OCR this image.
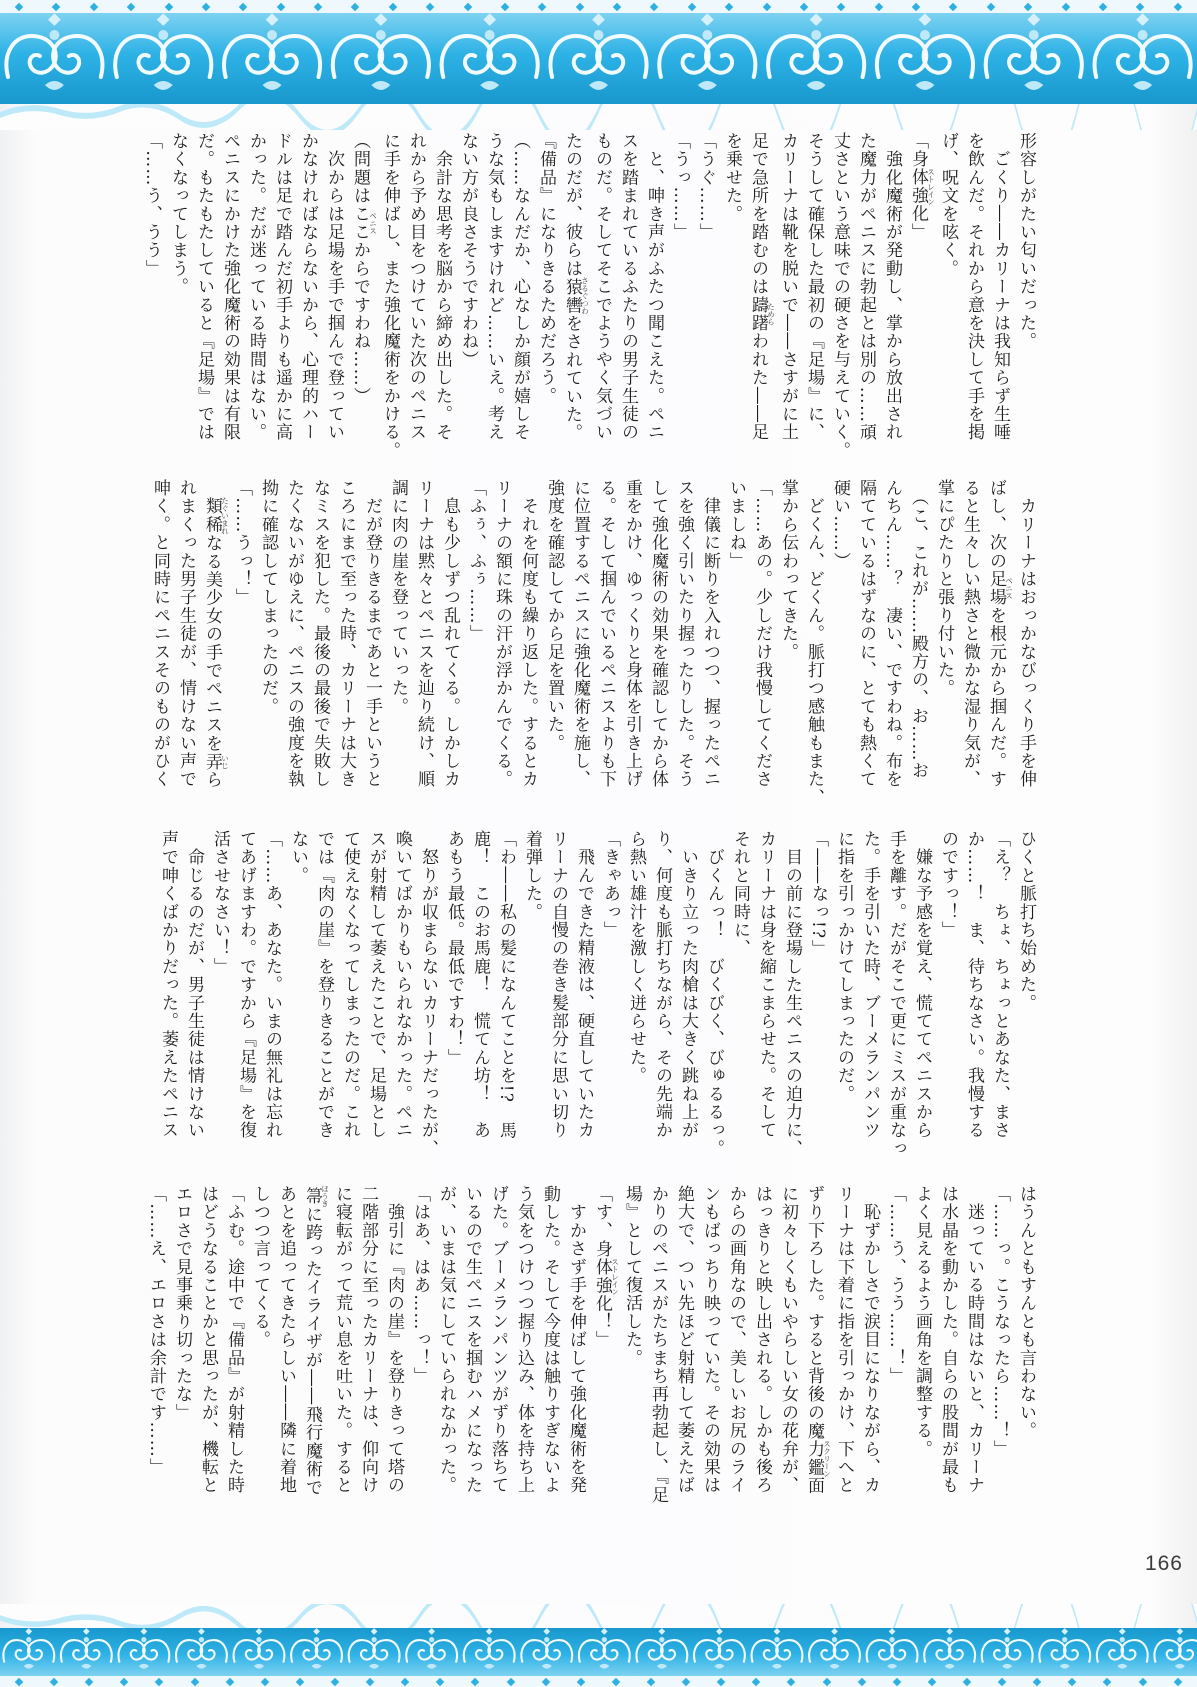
形容しがたい匂いだった。

　ごくり――カリーナは我知らず生唾

を飲んだ。それから意を決して手を掲

げ、呪文を呟く。

「身体強化ストレイン」

　強化魔術が発動し、掌から放出され

た魔力がペニスに勃起とは別の……頑

丈さという意味での硬さを与えていく。

そうして確保した最初の『足場』に、

カリーナは靴を脱いで――さすがに土

足で急所を踏むのは躊躇ためらわれた――足

を乗せた。

「うぐ……」

「うっ……」

　と、呻き声がふたつ聞こえた。ペニ

スを踏まれているふたりの男子生徒の

ものだ。そしてそこでようやく気づい

たのだが、彼らは猿轡さるぐつわをされていた。

『備品』になりきるためだろう。

（……なんだか、心なしか顔が嬉しそ

うな気もしますけれど……いえ。考え

ない方が良さそうですわね）

　余計な思考を脳から締め出した。そ

れから予め目をつけていた次のペニス

に手を伸ばし、また強化魔術をかける。

（問題はここペニスからですわね……）

　次からは足場を手で掴んで登ってい

かなければならないから、心理的ハー

ドルは足で踏んだ初手よりも遥かに高

かった。だが迷っている時間はない。

ペニスにかけた強化魔術の効果は有限

だ。もたもたしていると『足場』では

なくなってしまう。

「……う、うう」

　カリーナはおっかなびっくり手を伸

ばし、次の足場ペニスを根元から掴んだ。す

ると生々しい熱さと微かな湿り気が、

掌にぴたりと張り付いた。

　（こ、これが……殿方の、お……お

んちん……？　凄い、ですわね。布を

隔てているはずなのに、とても熱くて

硬い……）

　どくん、どくん。脈打つ感触もまた、

掌から伝わってきた。

「……あの。少しだけ我慢してくださ

いましね」

　律儀に断りを入れつつ、握ったペニ

スを強く引いたり握ったりした。そう

して強化魔術の効果を確認してから体

重をかけ、ゆっくりと身体を引き上げ

る。そして掴んでいるペニスよりも下

に位置するペニスに強化魔術を施し、

強度を確認してから足を置いた。

　それを何度も繰り返した。するとカ

リーナの額に珠の汗が浮かんでくる。

「ふぅ、ふぅ……」

　息も少しずつ乱れてくる。しかしカ

リーナは黙々とペニスを辿り続け、順

調に肉の崖を登っていった。

　だが登りきるまであと一手というと

ころにまで至った時、カリーナは大き

なミスを犯した。最後の最後で失敗し

たくないがゆえに、ペニスの強度を執

拗に確認してしまったのだ。

「……うっ！」

　類稀たぐいまれなる美少女の手でペニスを弄いじら

れまくった男子生徒が、情けない声で

呻く。と同時にペニスそのものがひく

ひくと脈打ち始めた。

「え？　ちょ、ちょっとあなた、まさ

か……！　ま、待ちなさい。我慢する

のですっ！」

　嫌な予感を覚え、慌ててペニスから

手を離す。だがそこで更にミスが重なっ

た。手を引いた時、ブーメランパンツ

に指を引っかけてしまったのだ。

「――なっ!?」

　目の前に登場した生ペニスの迫力に、

カリーナは身を縮こまらせた。そして

それと同時に、

　びくんっ！　びくびく、びゅるるっ。

　いきり立った肉槍は大きく跳ね上が

り、何度も脈打ちながら、その先端か

ら熱い雄汁を激しく迸らせた。

「きゃあっ」

　飛んできた精液は、硬直していたカ

リーナの自慢の巻き髪部分に思い切り

着弾した。

「わ――私の髪になんてことを!?　馬

鹿！　このお馬鹿！　慌てん坊！　あ

あもう最低。最低ですわ！」

　怒りが収まらないカリーナだったが、

喚いてばかりもいられなかった。ペニ

スが射精して萎えたことで、足場とし

て使えなくなってしまったのだ。これ

では『肉の崖』を登りきることができ

ない。

「……あ、あなた。いまの無礼は忘れ

てあげますわ。ですから『足場』を復

活させなさい！」

　命じるのだが、男子生徒は情けない

声で呻くばかりだった。萎えたペニス

はうんともすんとも言わない。

「……っ。こうなったら……！」

　迷っている時間はないと、カリーナ

は水晶を動かした。自らの股間が最も

よく見えるよう画角を調整する。

「……う、うう……！」

　恥ずかしさで涙目になりながら、カ

リーナは下着に指を引っかけ、下へと

ずり下ろした。すると背後の魔力鑑面スクリーン

に初々しくもいやらしい女の花弁が、

はっきりと映し出される。しかも後ろ

からの画角なので、美しいお尻のライ

ンもばっちり映っていた。その効果は

絶大で、つい先ほど射精して萎えたば

かりのペニスがたちまち再勃起し、『足

場』として復活した。

「す、身体強化ストレイン！」

　すかさず手を伸ばして強化魔術を発

動した。そして今度は触りすぎないよ

う気をつけつつ握り込み、体を持ち上

げた。ブーメランパンツがずり落ちて

いるので生ペニスを掴むハメになった

が、いまは気にしていられなかった。

「はあ、はあ……っ！」

　強引に『肉の崖』を登りきって塔の

二階部分に至ったカリーナは、仰向け

に寝転がって荒い息を吐いた。すると

箒ほうきに跨ったイライザが――飛行魔術で

あとを追ってきたらしい――隣に着地

しつつ言ってくる。

「ふむ。途中で『備品』が射精した時

はどうなることかと思ったが、機転と

エロさで見事乗り切ったな」

「……え、エロさは余計です……」

166
